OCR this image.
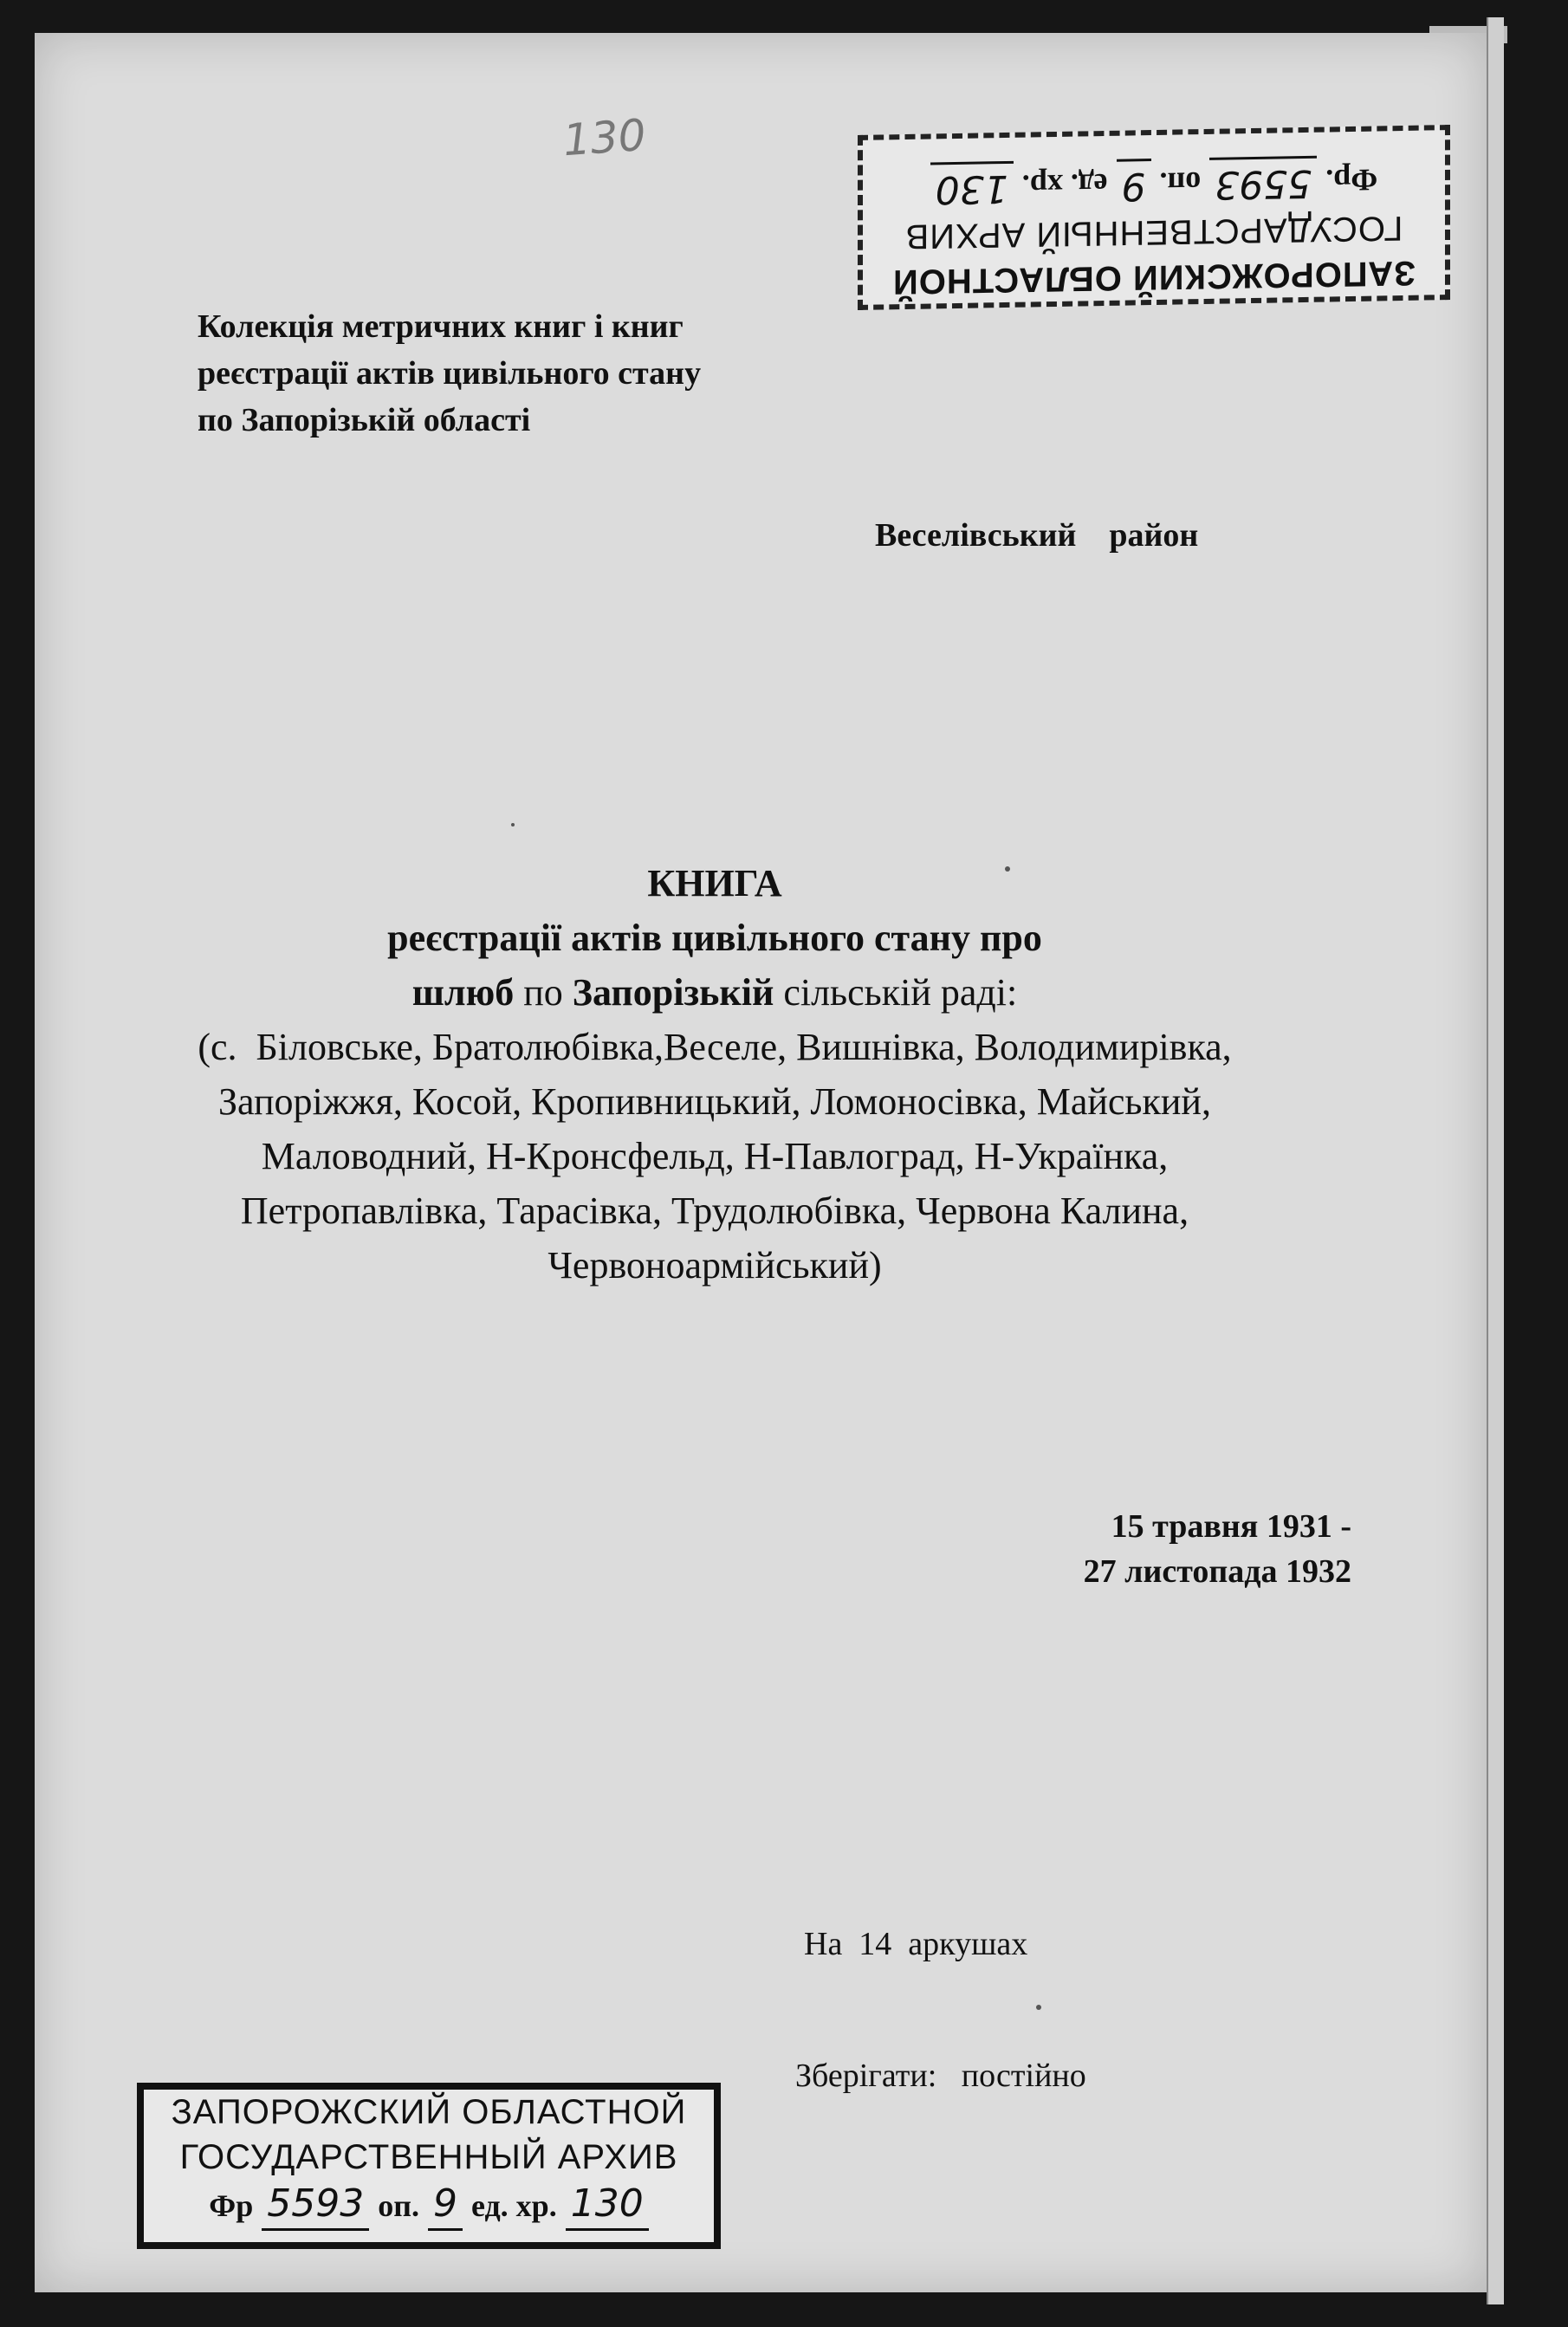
130
ЗАПОРОЖСКИЙ ОБЛАСТНОЙ
ГОСУДАРСТВЕННЫЙ АРХИВ
Фр.
5593
оп.
9
ед. хр.
130
Колекція метричних книг і книг
реєстрації актів цивільного стану
по Запорізькій області
Веселівський    район
КНИГА
реєстрації актів цивільного стану про
шлюб по Запорізькій сільській раді:
(с.  Біловське, Братолюбівка,Веселе, Вишнівка, Володимирівка,
Запоріжжя, Косой, Кропивницький, Ломоносівка, Майський,
Маловодний, Н-Кронсфельд, Н-Павлоград, Н-Українка,
Петропавлівка, Тарасівка, Трудолюбівка, Червона Калина,
Червоноармійський)
15 травня 1931 -
27 листопада 1932
На  14  аркушах
Зберігати:   постійно
ЗАПОРОЖСКИЙ ОБЛАСТНОЙ
ГОСУДАРСТВЕННЫЙ АРХИВ
Фр 5593 оп. 9 ед. хр. 130
